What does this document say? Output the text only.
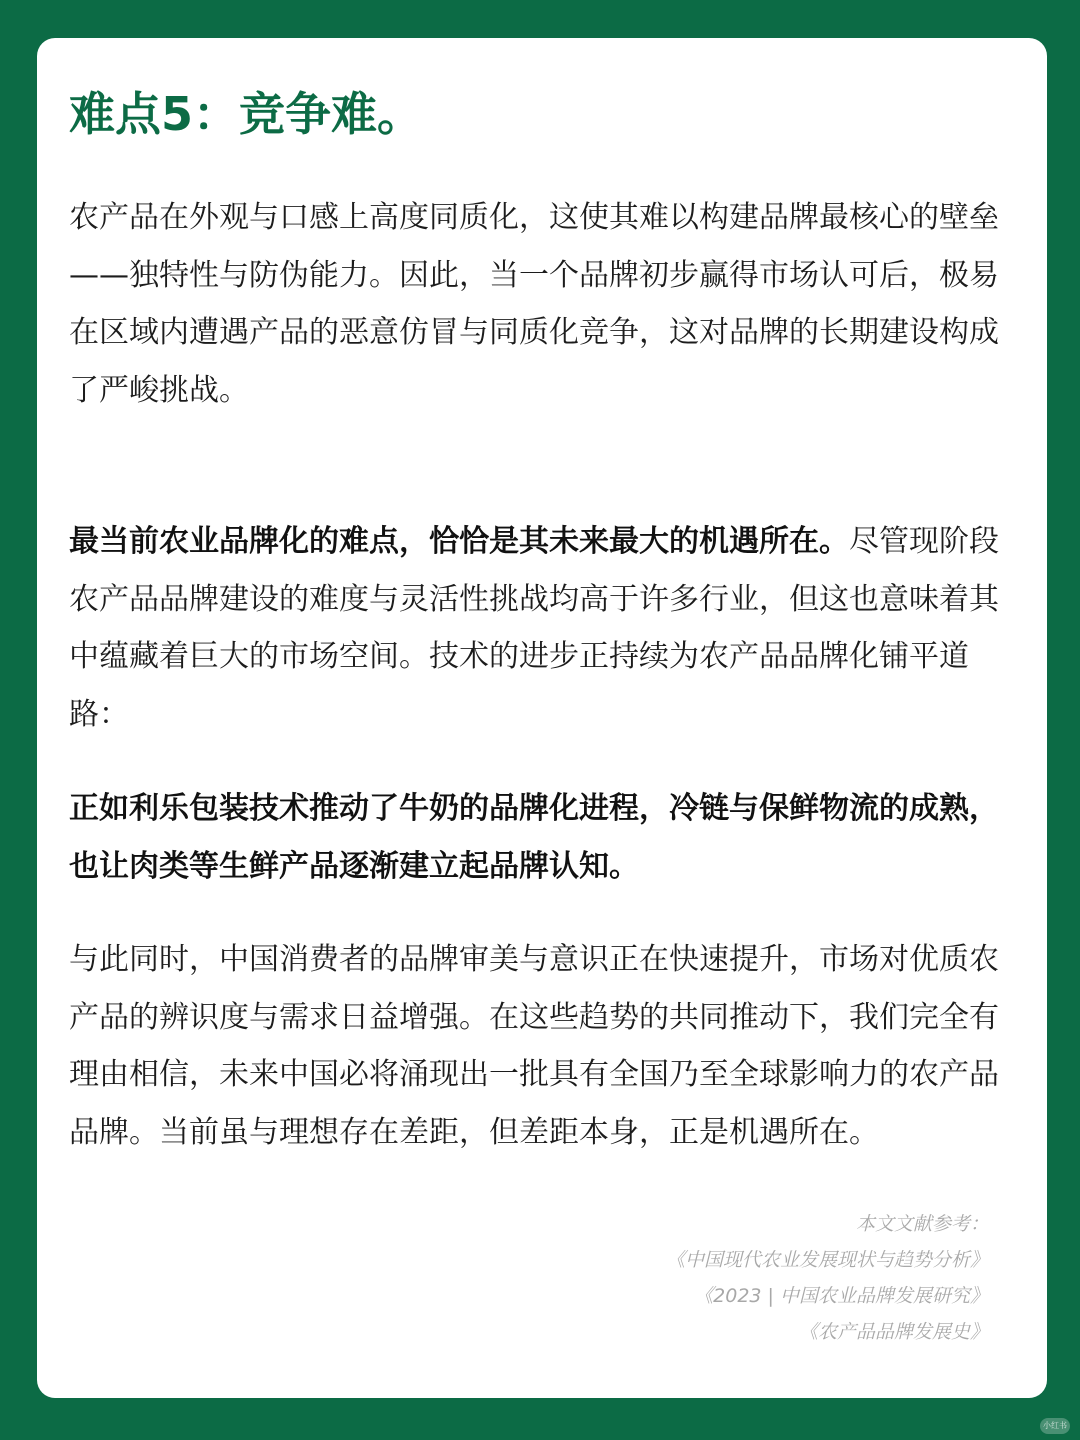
难点5：竞争难。

农产品在外观与口感上高度同质化，这使其难以构建品牌最核心的壁垒——独特性与防伪能力。因此，当一个品牌初步赢得市场认可后，极易在区域内遭遇产品的恶意仿冒与同质化竞争，这对品牌的长期建设构成了严峻挑战。

最当前农业品牌化的难点，恰恰是其未来最大的机遇所在。尽管现阶段农产品品牌建设的难度与灵活性挑战均高于许多行业，但这也意味着其中蕴藏着巨大的市场空间。技术的进步正持续为农产品品牌化铺平道路：

正如利乐包装技术推动了牛奶的品牌化进程，冷链与保鲜物流的成熟，也让肉类等生鲜产品逐渐建立起品牌认知。

与此同时，中国消费者的品牌审美与意识正在快速提升，市场对优质农产品的辨识度与需求日益增强。在这些趋势的共同推动下，我们完全有理由相信，未来中国必将涌现出一批具有全国乃至全球影响力的农产品品牌。当前虽与理想存在差距，但差距本身，正是机遇所在。

本文文献参考：
《中国现代农业发展现状与趋势分析》
《2023 | 中国农业品牌发展研究》
《农产品品牌发展史》
小红书
